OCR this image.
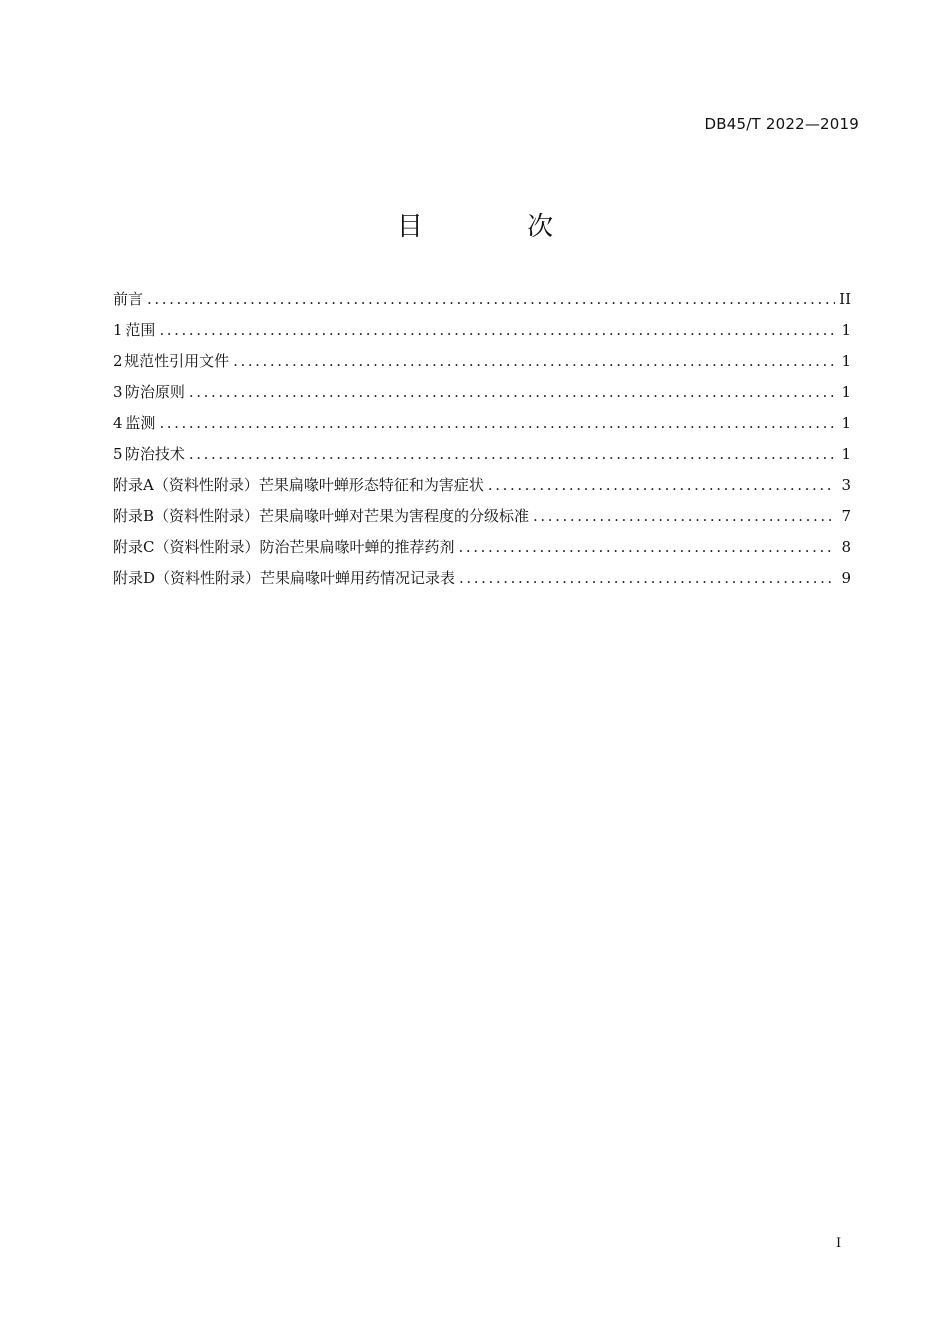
DB45/T 2022—2019
目 次
前言 .....	II
1 范围 .....	1
2 规范性引用文件 .....	1
3 防治原则 .....	1
4 监测 .....	1
5 防治技术 .....	1
附录A（资料性附录）芒果扁喙叶蝉形态特征和为害症状 .....	3
附录B（资料性附录）芒果扁喙叶蝉对芒果为害程度的分级标准 .....	7
附录C（资料性附录）防治芒果扁喙叶蝉的推荐药剂 .....	8
附录D（资料性附录）芒果扁喙叶蝉用药情况记录表 .....	9
I
